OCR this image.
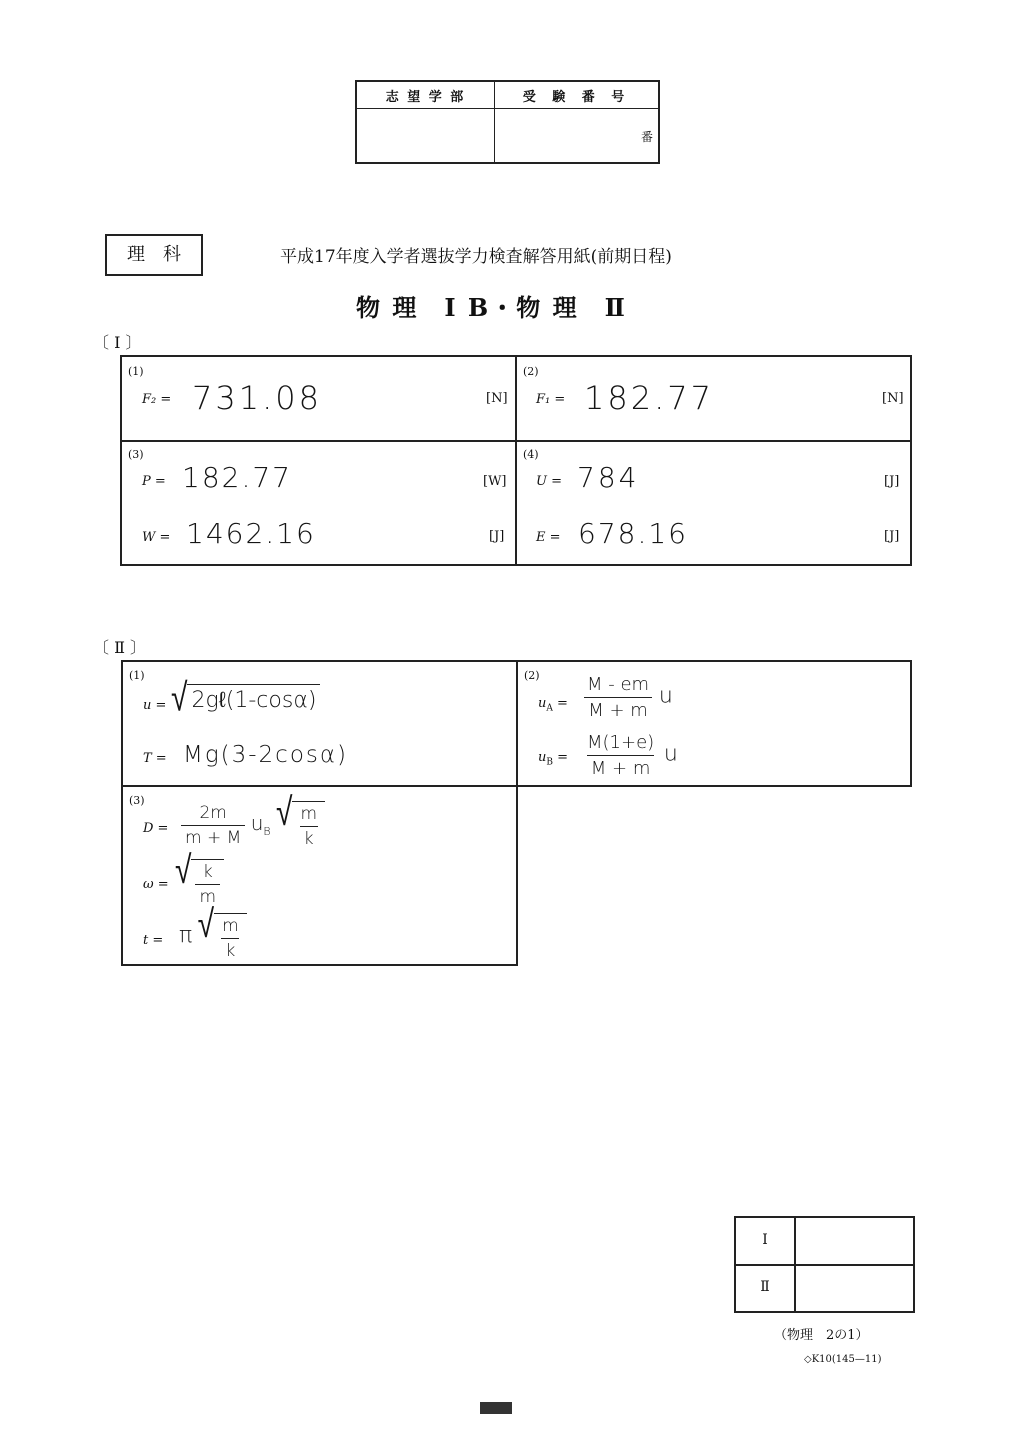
志 望 学 部	受 験 番 号
番
理　科	平成17年度入学者選抜学力検査解答用紙(前期日程)
物 理　I B・物 理　Ⅱ
〔 I 〕
(1)
F₂ = 731.08	[N]
(2)
F₁ = 182.77	[N]
(3)
P = 182.77	[W]
W = 1462.16	[J]
(4)
U = 784	[J]
E = 678.16	[J]
〔 Ⅱ 〕
(1)
u = √ 2gℓ(1-cosα)
T = Mg(3-2cosα)
(2)
$u_A = \frac{M - em}{M + m}$ u
$u_B = \frac{M(1+e)}{M + m}$ u
(3)
$D = \frac{2m}{m + M} u_B$ √ $\frac{m}{k}$
ω = √ $\frac{k}{m}$
t = π √ $\frac{m}{k}$
I
Ⅱ
（物理　2の1）
◇K10(145—11)
